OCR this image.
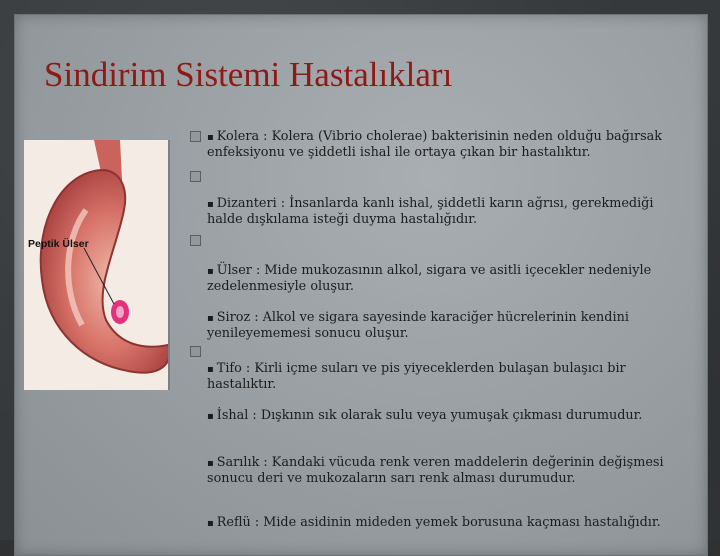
Sindirim Sistemi Hastalıkları
Peptik Ülser
▪ Kolera : Kolera (Vibrio cholerae) bakterisinin neden olduğu bağırsak enfeksiyonu ve şiddetli ishal ile ortaya çıkan bir hastalıktır.
▪ Dizanteri : İnsanlarda kanlı ishal, şiddetli karın ağrısı, gerekmediği halde dışkılama isteği duyma hastalığıdır.
▪ Ülser : Mide mukozasının alkol, sigara ve asitli içecekler nedeniyle zedelenmesiyle oluşur.
▪ Siroz : Alkol ve sigara sayesinde karaciğer hücrelerinin kendini yenileyememesi sonucu oluşur.
▪ Tifo : Kirli içme suları ve pis yiyeceklerden bulaşan bulaşıcı bir hastalıktır.
▪ İshal : Dışkının sık olarak sulu veya yumuşak çıkması durumudur.
▪ Sarılık : Kandaki vücuda renk veren maddelerin değerinin değişmesi sonucu deri ve mukozaların sarı renk alması durumudur.
▪ Reflü : Mide asidinin mideden yemek borusuna kaçması hastalığıdır.
